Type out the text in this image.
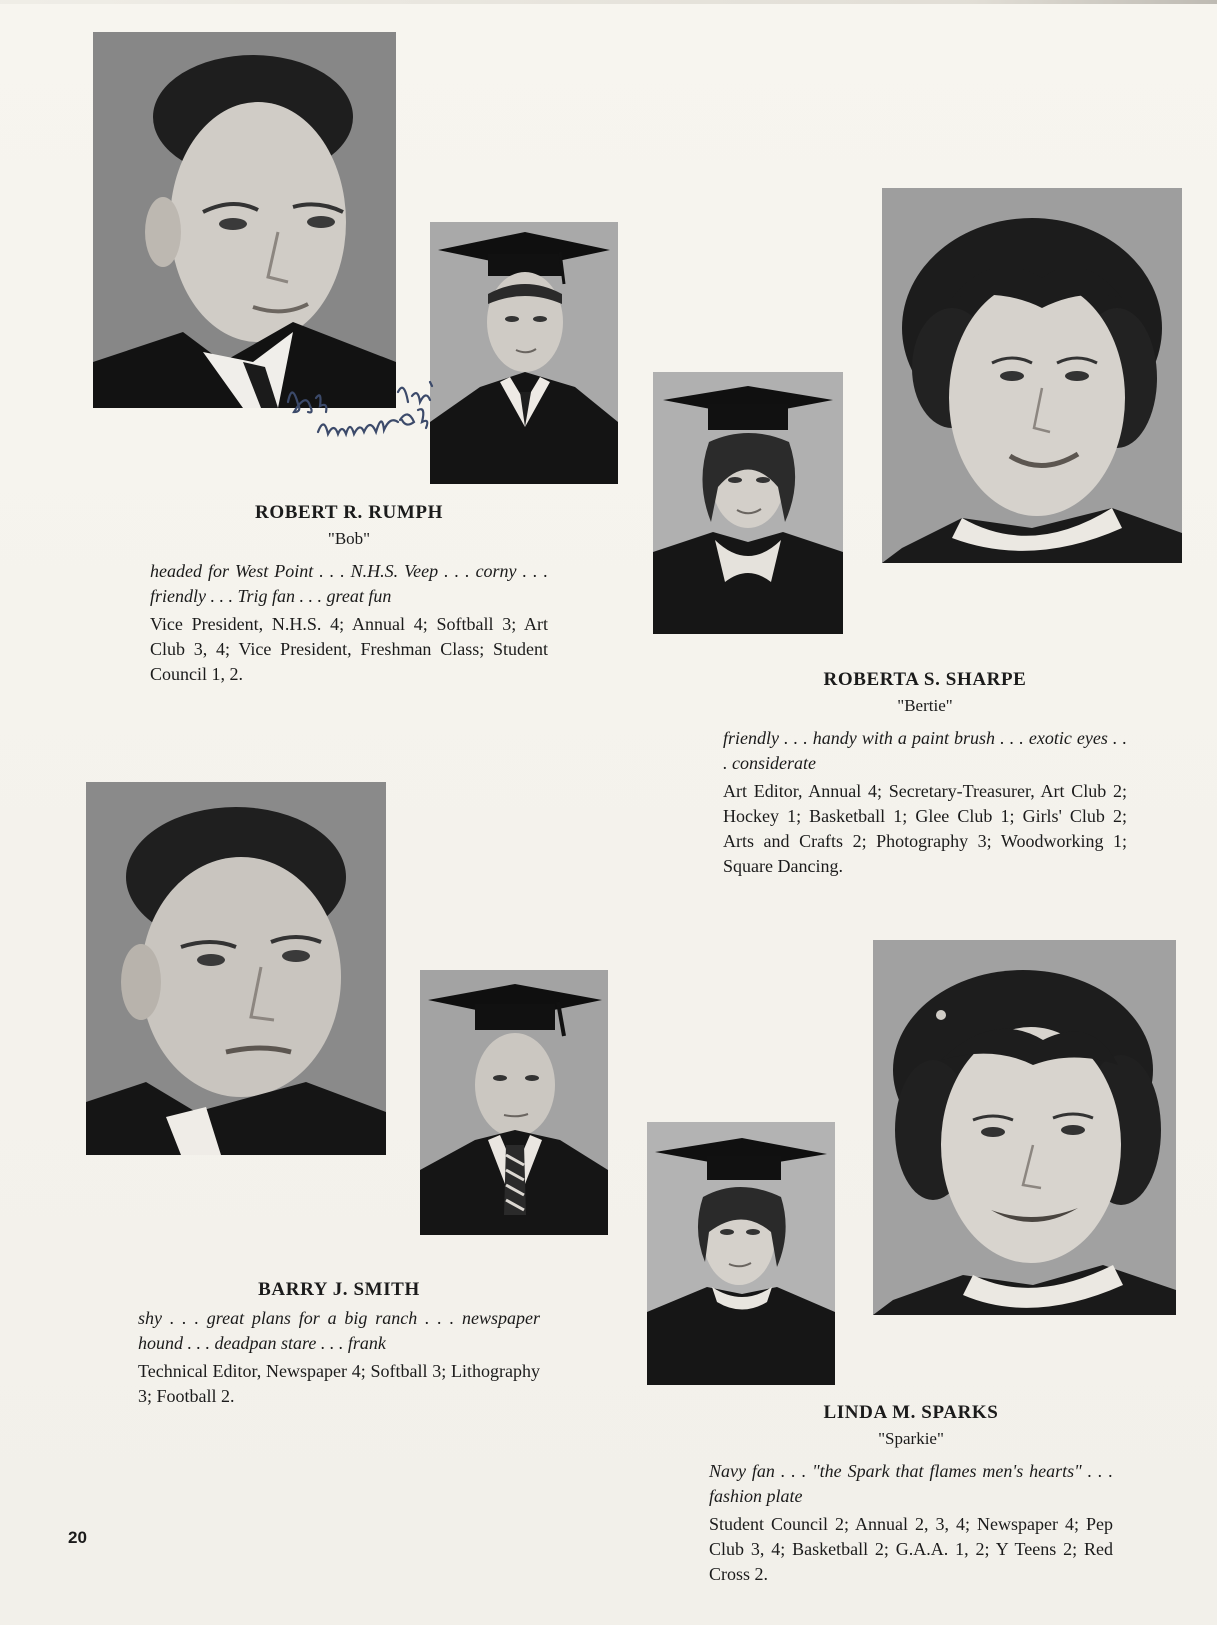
ROBERT R. RUMPH
"Bob"
headed for West Point . . . N.H.S. Veep . . . corny . . . friendly . . . Trig fan . . . great fun
Vice President, N.H.S. 4; Annual 4; Softball 3; Art Club 3, 4; Vice President, Freshman Class; Student Council 1, 2.	ROBERTA S. SHARPE
"Bertie"
friendly . . . handy with a paint brush . . . exotic eyes . . . considerate
Art Editor, Annual 4; Secretary-Treasurer, Art Club 2; Hockey 1; Basketball 1; Glee Club 1; Girls' Club 2; Arts and Crafts 2; Photography 3; Woodworking 1; Square Dancing.
BARRY J. SMITH
shy . . . great plans for a big ranch . . . newspaper hound . . . deadpan stare . . . frank
Technical Editor, Newspaper 4; Softball 3; Lithography 3; Football 2.
LINDA M. SPARKS
"Sparkie"
Navy fan . . . "the Spark that flames men's hearts" . . . fashion plate
Student Council 2; Annual 2, 3, 4; Newspaper 4; Pep Club 3, 4; Basketball 2; G.A.A. 1, 2; Y Teens 2; Red Cross 2.
20
